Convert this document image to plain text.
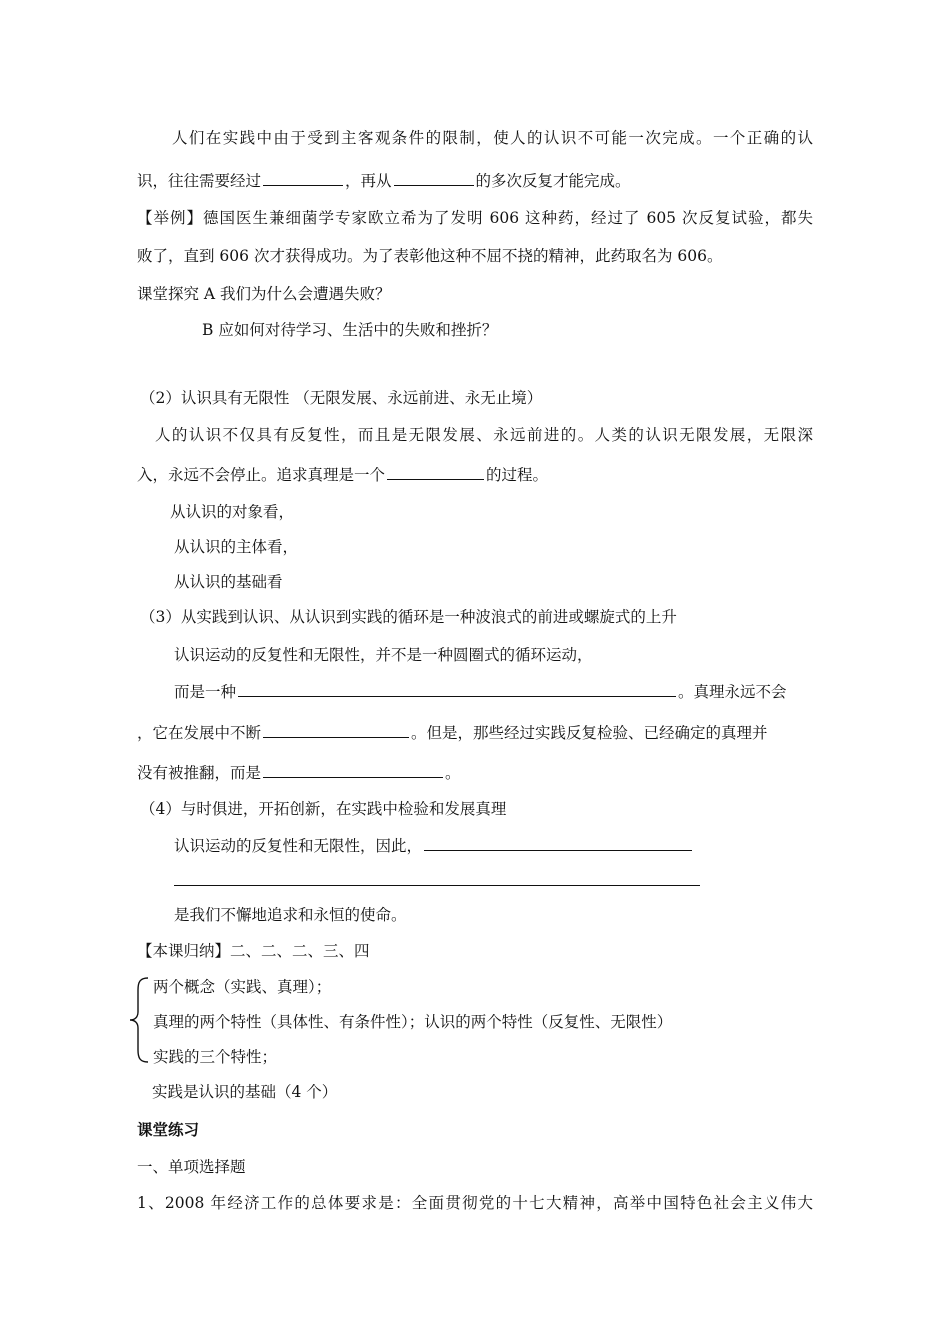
人们在实践中由于受到主客观条件的限制，使人的认识不可能一次完成。一个正确的认
识，往往需要经过	，再从	的多次反复才能完成。
【举例】德国医生兼细菌学专家欧立希为了发明 606 这种药，经过了 605 次反复试验，都失
败了，直到 606 次才获得成功。为了表彰他这种不屈不挠的精神，此药取名为 606。
课堂探究 A 我们为什么会遭遇失败？
B 应如何对待学习、生活中的失败和挫折？
（2）认识具有无限性 （无限发展、永远前进、永无止境）
人的认识不仅具有反复性，而且是无限发展、永远前进的。人类的认识无限发展，无限深
入，永远不会停止。追求真理是一个	的过程。
从认识的对象看，
从认识的主体看，
从认识的基础看
（3）从实践到认识、从认识到实践的循环是一种波浪式的前进或螺旋式的上升
认识运动的反复性和无限性，并不是一种圆圈式的循环运动，
而是一种	。真理永远不会
，它在发展中不断	。但是，那些经过实践反复检验、已经确定的真理并
没有被推翻，而是	。
（4）与时俱进，开拓创新，在实践中检验和发展真理
认识运动的反复性和无限性，因此，
是我们不懈地追求和永恒的使命。
【本课归纳】二、二、二、三、四
两个概念（实践、真理）；
真理的两个特性（具体性、有条件性）；认识的两个特性（反复性、无限性）
实践的三个特性；
实践是认识的基础（4 个）
课堂练习
一、单项选择题
1、2008 年经济工作的总体要求是：全面贯彻党的十七大精神，高举中国特色社会主义伟大
